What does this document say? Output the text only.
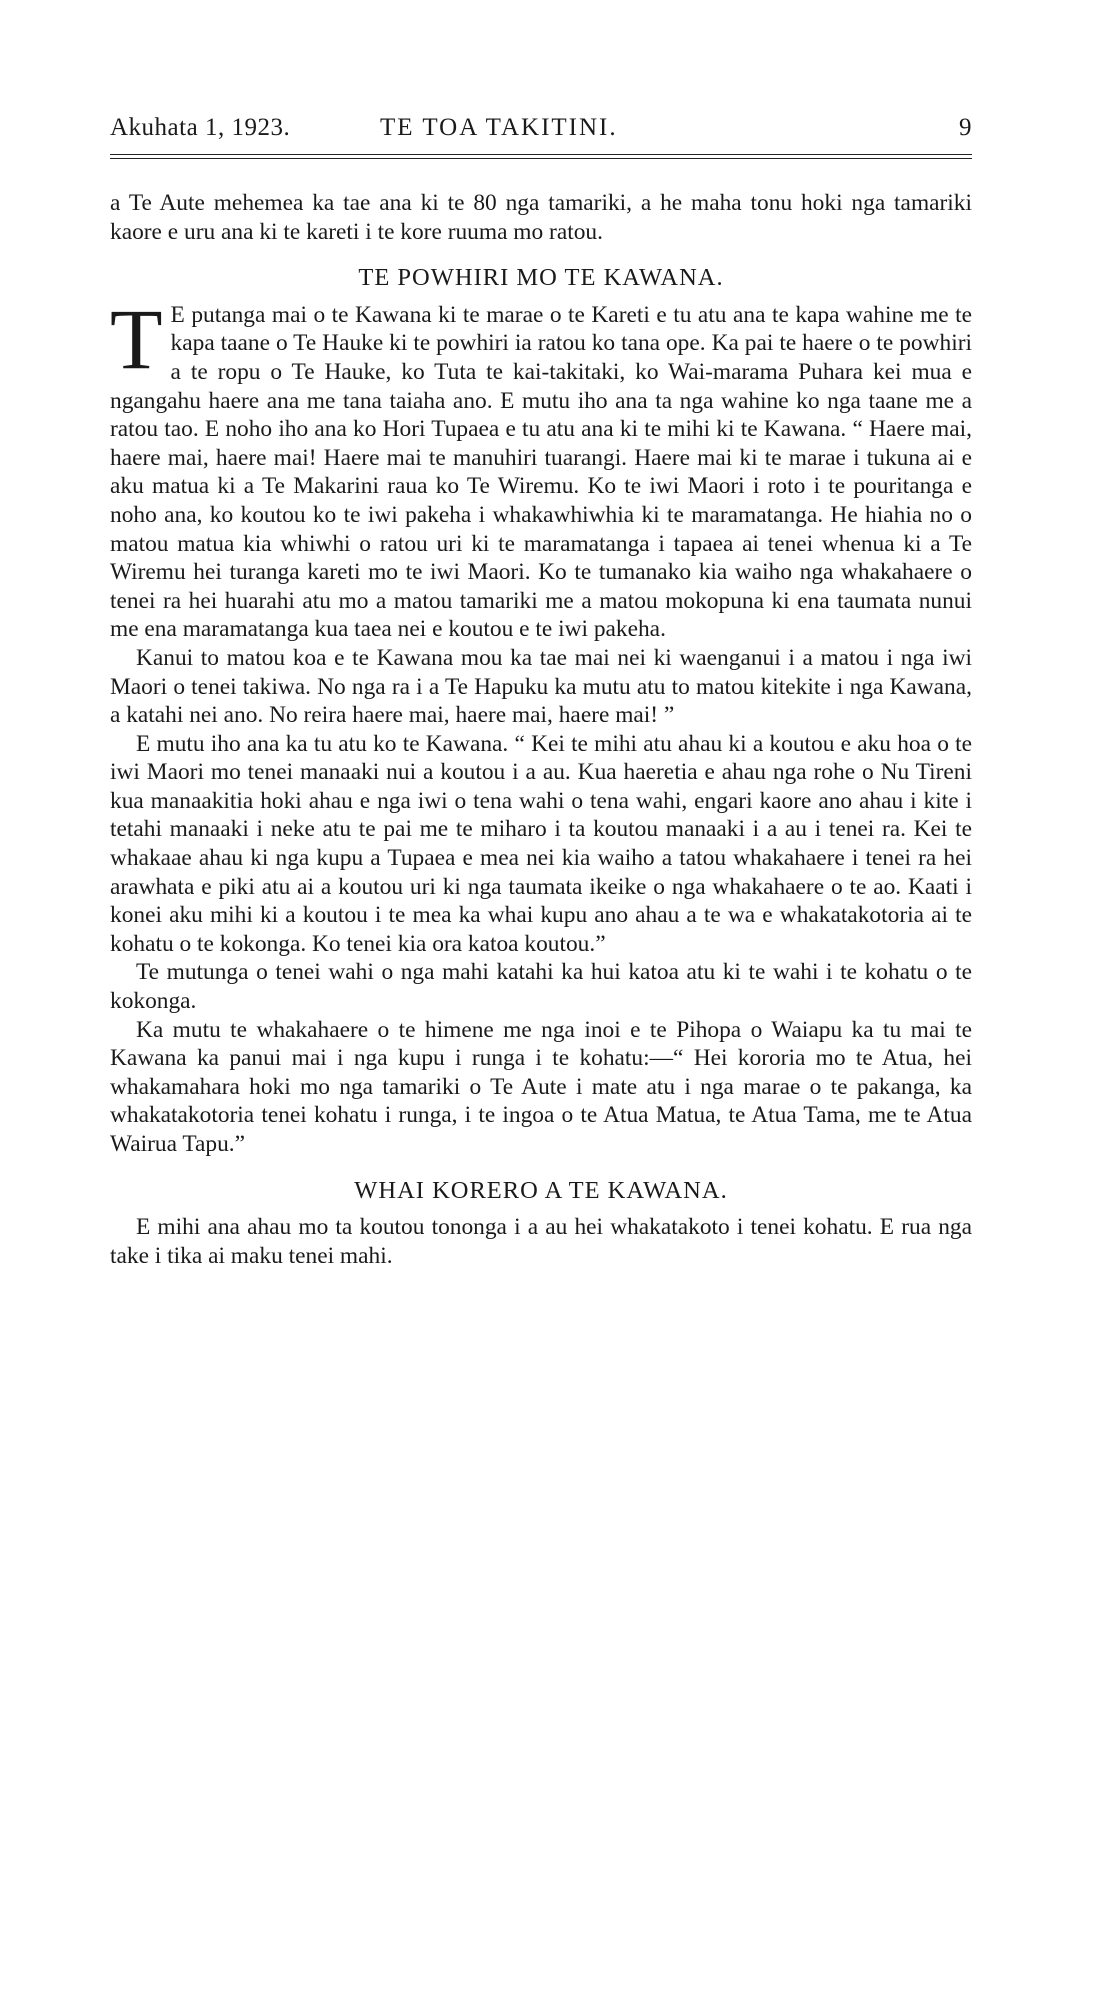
Akuhata 1, 1923.	TE TOA TAKITINI.	9

a Te Aute mehemea ka tae ana ki te 80 nga tamariki, a he maha tonu hoki nga tamariki kaore e uru ana ki te kareti i te kore ruuma mo ratou.

TE POWHIRI MO TE KAWANA.

TE putanga mai o te Kawana ki te marae o te Kareti e tu atu ana te kapa wahine me te kapa taane o Te Hauke ki te powhiri ia ratou ko tana ope. Ka pai te haere o te powhiri a te ropu o Te Hauke, ko Tuta te kai-takitaki, ko Wai-marama Puhara kei mua e ngangahu haere ana me tana taiaha ano. E mutu iho ana ta nga wahine ko nga taane me a ratou tao. E noho iho ana ko Hori Tupaea e tu atu ana ki te mihi ki te Kawana. “ Haere mai, haere mai, haere mai! Haere mai te manuhiri tuarangi. Haere mai ki te marae i tukuna ai e aku matua ki a Te Makarini raua ko Te Wiremu. Ko te iwi Maori i roto i te pouritanga e noho ana, ko koutou ko te iwi pakeha i whakawhiwhia ki te maramatanga. He hiahia no o matou matua kia whiwhi o ratou uri ki te maramatanga i tapaea ai tenei whenua ki a Te Wiremu hei turanga kareti mo te iwi Maori. Ko te tumanako kia waiho nga whakahaere o tenei ra hei huarahi atu mo a matou tamariki me a matou mokopuna ki ena taumata nunui me ena maramatanga kua taea nei e koutou e te iwi pakeha.

Kanui to matou koa e te Kawana mou ka tae mai nei ki waenganui i a matou i nga iwi Maori o tenei takiwa. No nga ra i a Te Hapuku ka mutu atu to matou kitekite i nga Kawana, a katahi nei ano. No reira haere mai, haere mai, haere mai! ”

E mutu iho ana ka tu atu ko te Kawana. “ Kei te mihi atu ahau ki a koutou e aku hoa o te iwi Maori mo tenei manaaki nui a koutou i a au. Kua haeretia e ahau nga rohe o Nu Tireni kua manaakitia hoki ahau e nga iwi o tena wahi o tena wahi, engari kaore ano ahau i kite i tetahi manaaki i neke atu te pai me te miharo i ta koutou manaaki i a au i tenei ra. Kei te whakaae ahau ki nga kupu a Tupaea e mea nei kia waiho a tatou whakahaere i tenei ra hei arawhata e piki atu ai a koutou uri ki nga taumata ikeike o nga whakahaere o te ao. Kaati i konei aku mihi ki a koutou i te mea ka whai kupu ano ahau a te wa e whakatakotoria ai te kohatu o te kokonga. Ko tenei kia ora katoa koutou.”

Te mutunga o tenei wahi o nga mahi katahi ka hui katoa atu ki te wahi i te kohatu o te kokonga.

Ka mutu te whakahaere o te himene me nga inoi e te Pihopa o Waiapu ka tu mai te Kawana ka panui mai i nga kupu i runga i te kohatu:—“ Hei kororia mo te Atua, hei whakamahara hoki mo nga tamariki o Te Aute i mate atu i nga marae o te pakanga, ka whakatakotoria tenei kohatu i runga, i te ingoa o te Atua Matua, te Atua Tama, me te Atua Wairua Tapu.”

WHAI KORERO A TE KAWANA.

E mihi ana ahau mo ta koutou tononga i a au hei whakatakoto i tenei kohatu. E rua nga take i tika ai maku tenei mahi.
